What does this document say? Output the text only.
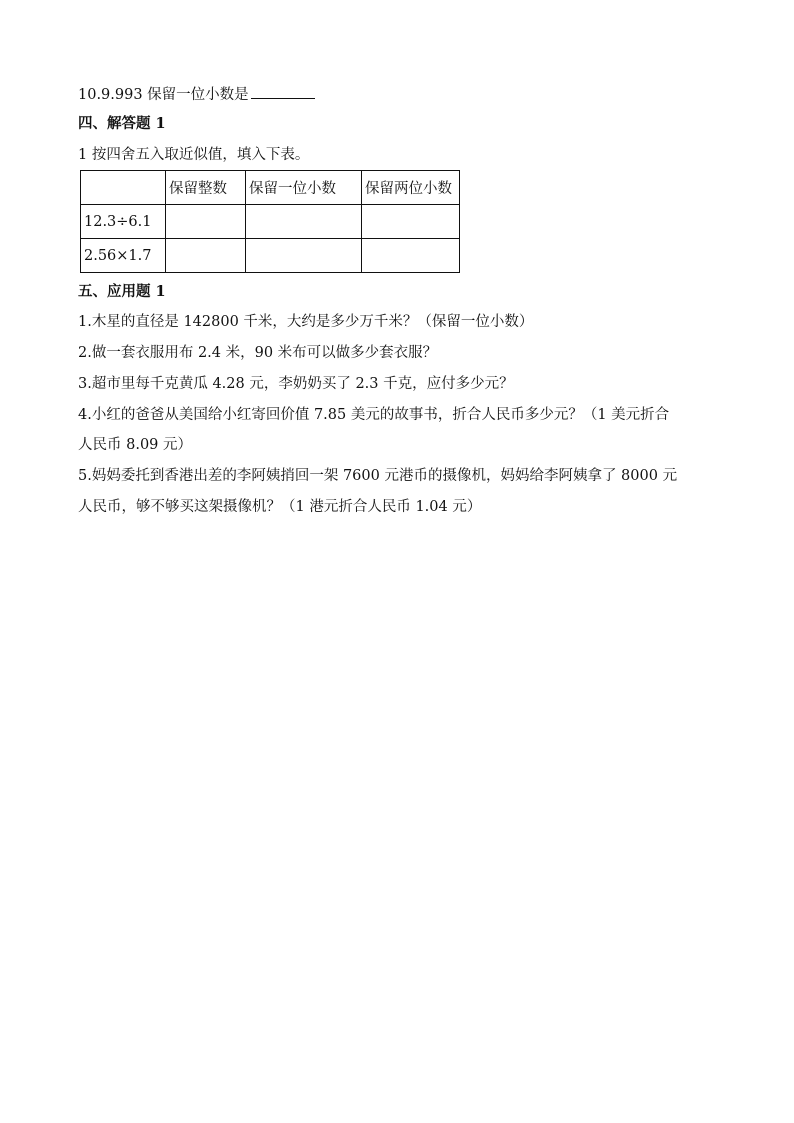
10.9.993 保留一位小数是
四、解答题 1
1 按四舍五入取近似值，填入下表。
	保留整数	保留一位小数	保留两位小数
12.3÷6.1			
2.56×1.7			
五、应用题 1
1.木星的直径是 142800 千米，大约是多少万千米？（保留一位小数）
2.做一套衣服用布 2.4 米，90 米布可以做多少套衣服？
3.超市里每千克黄瓜 4.28 元，李奶奶买了 2.3 千克，应付多少元？
4.小红的爸爸从美国给小红寄回价值 7.85 美元的故事书，折合人民币多少元？（1 美元折合
人民币 8.09 元）
5.妈妈委托到香港出差的李阿姨捎回一架 7600 元港币的摄像机，妈妈给李阿姨拿了 8000 元
人民币，够不够买这架摄像机？（1 港元折合人民币 1.04 元）
